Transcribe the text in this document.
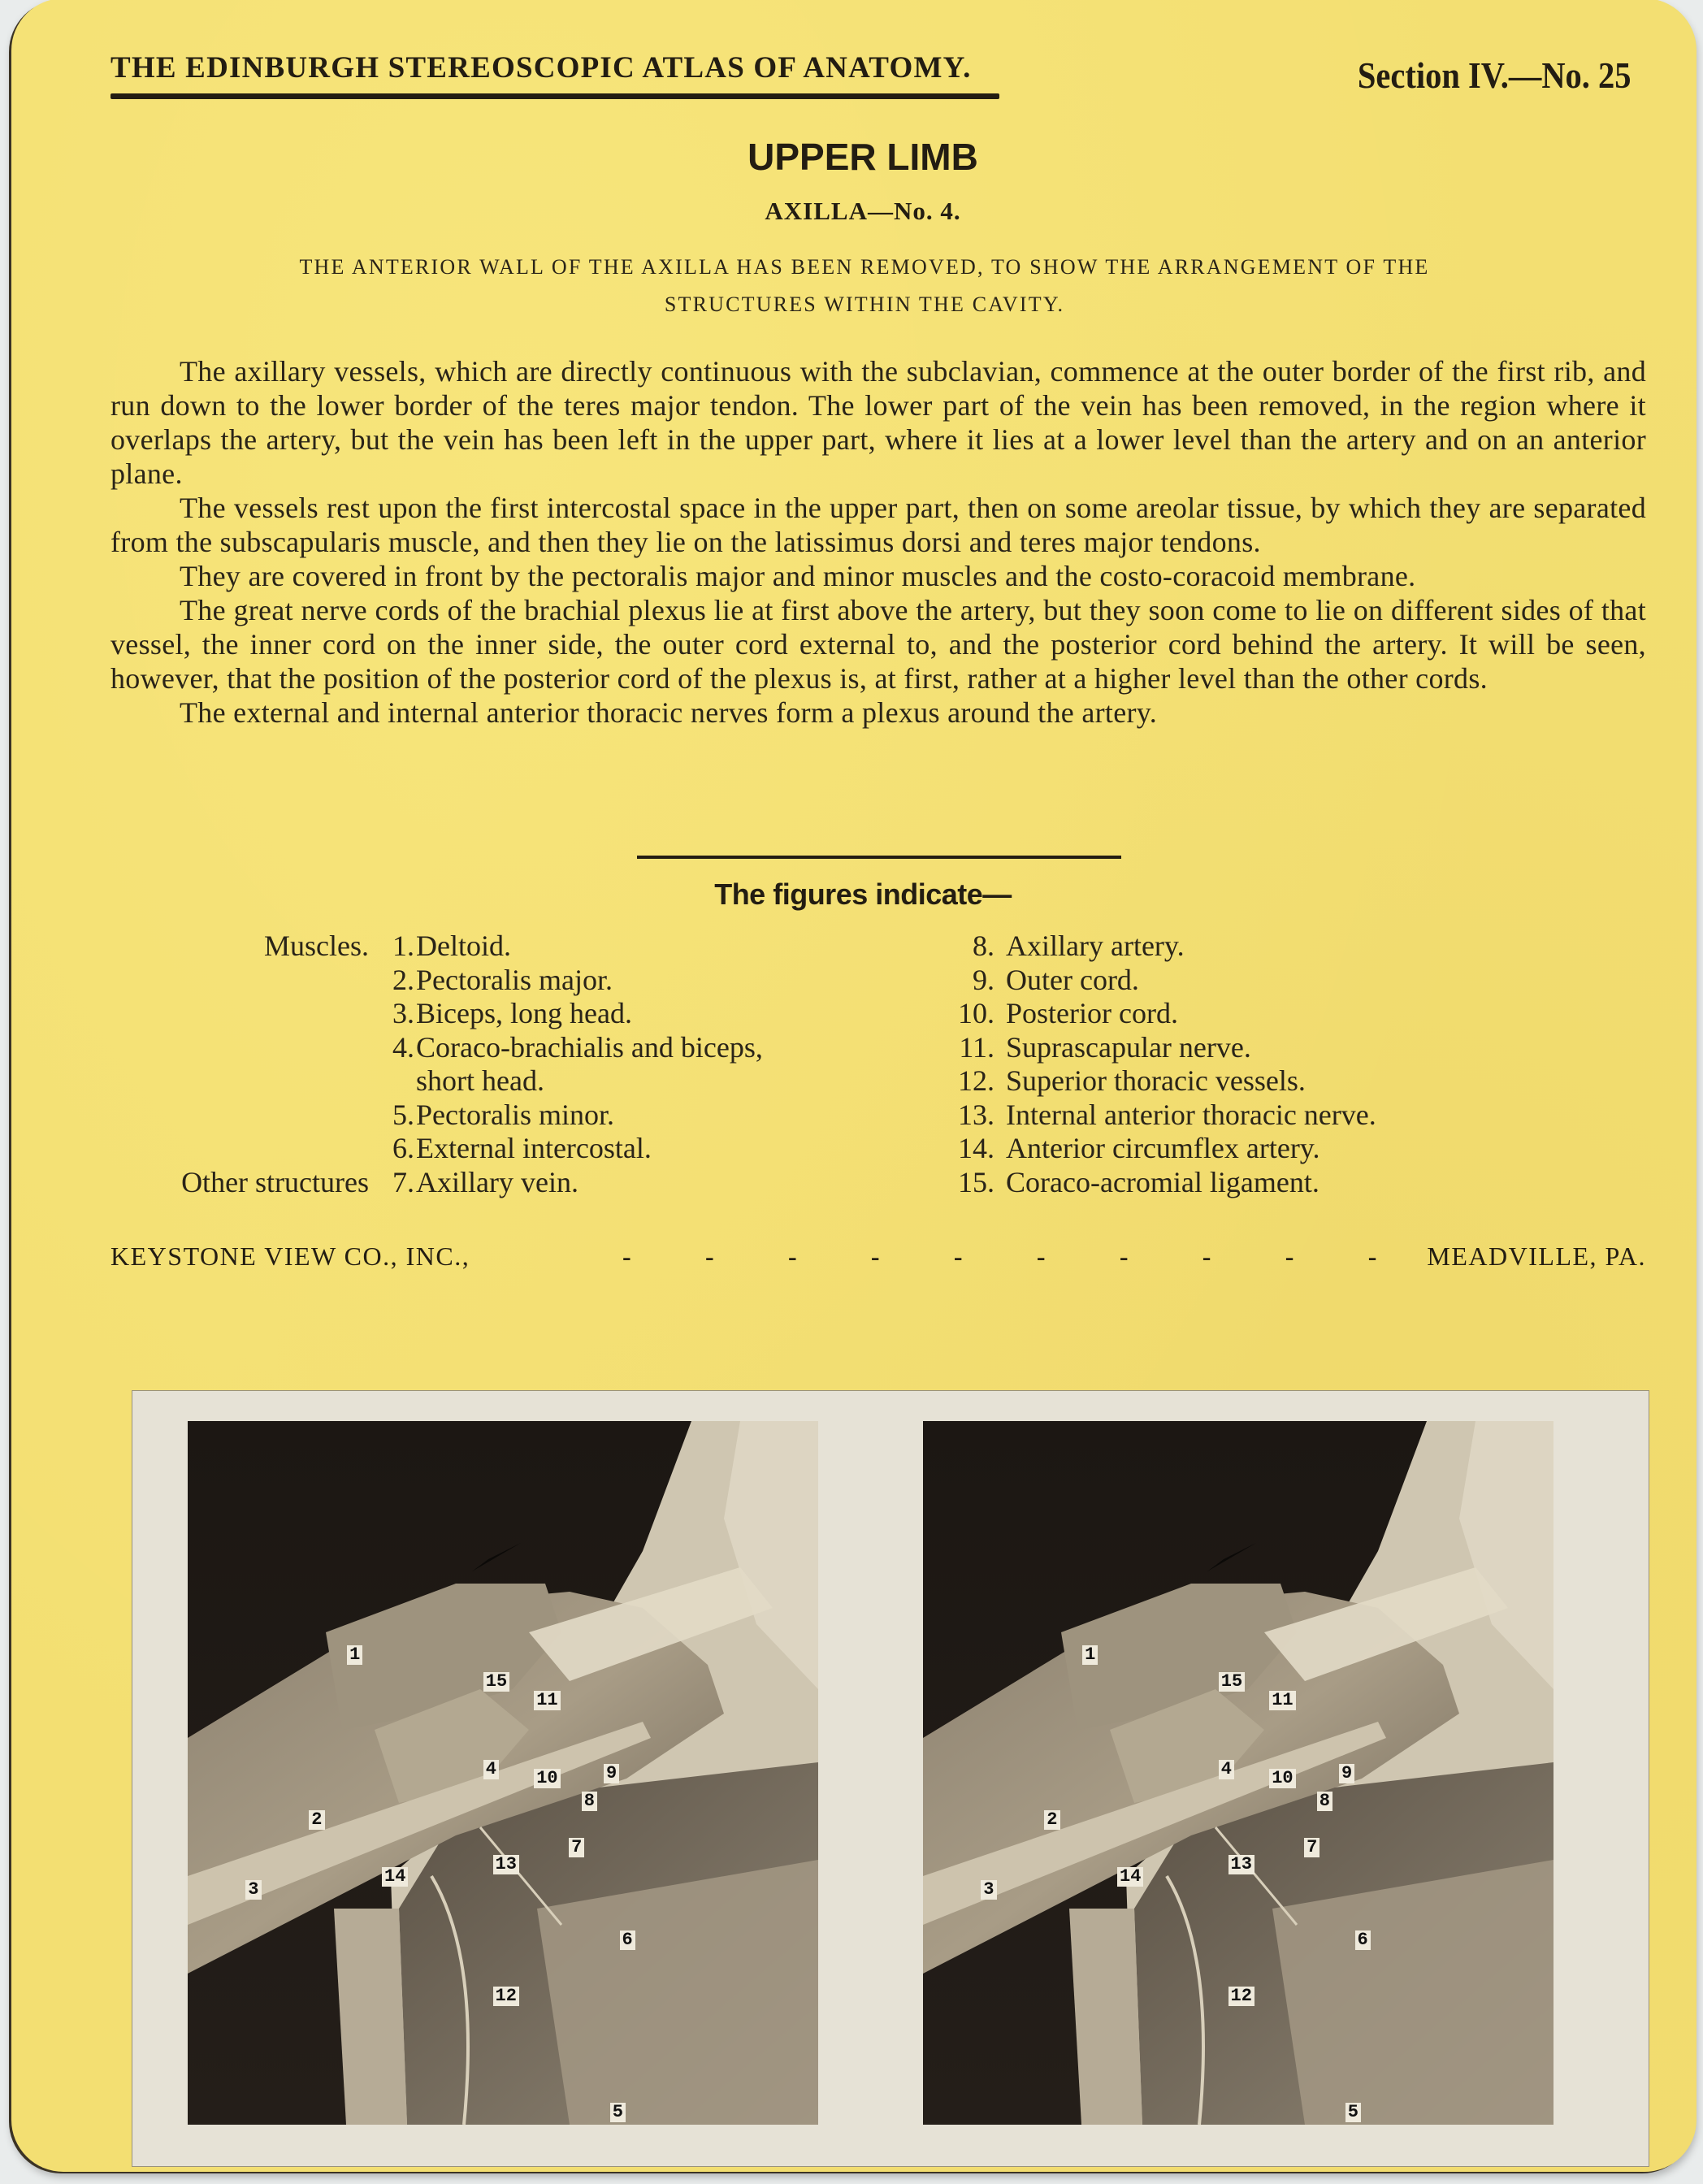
THE EDINBURGH STEREOSCOPIC ATLAS OF ANATOMY.	Section IV.—No. 25
UPPER LIMB
AXILLA—No. 4.
THE ANTERIOR WALL OF THE AXILLA HAS BEEN REMOVED, TO SHOW THE ARRANGEMENT OF THE
STRUCTURES WITHIN THE CAVITY.

The axillary vessels, which are directly continuous with the subclavian, commence at the outer border of the first rib, and run down to the lower border of the teres major tendon. The lower part of the vein has been removed, in the region where it overlaps the artery, but the vein has been left in the upper part, where it lies at a lower level than the artery and on an anterior plane.

The vessels rest upon the first intercostal space in the upper part, then on some areolar tissue, by which they are separated from the subscapularis muscle, and then they lie on the latissimus dorsi and teres major tendons.

They are covered in front by the pectoralis major and minor muscles and the costo-coracoid membrane.

The great nerve cords of the brachial plexus lie at first above the artery, but they soon come to lie on different sides of that vessel, the inner cord on the inner side, the outer cord external to, and the posterior cord behind the artery. It will be seen, however, that the position of the posterior cord of the plexus is, at first, rather at a higher level than the other cords.

The external and internal anterior thoracic nerves form a plexus around the artery.

The figures indicate—
Muscles. 1. Deltoid.
2. Pectoralis major.
3. Biceps, long head.
4. Coraco-brachialis and biceps,
short head.
5. Pectoralis minor.
6. External intercostal.
Other structures 7. Axillary vein.
8. Axillary artery.
9. Outer cord.
10. Posterior cord.
11. Suprascapular nerve.
12. Superior thoracic vessels.
13. Internal anterior thoracic nerve.
14. Anterior circumflex artery.
15. Coraco-acromial ligament.
KEYSTONE VIEW CO., INC.,	-	-	-	-	-	-	-	-	-	- MEADVILLE, PA.
1
2
3
4
5
6
7
8
9
10
11
12
13
14
15
1
2
3
4
5
6
7
8
9
10
11
12
13
14
15
